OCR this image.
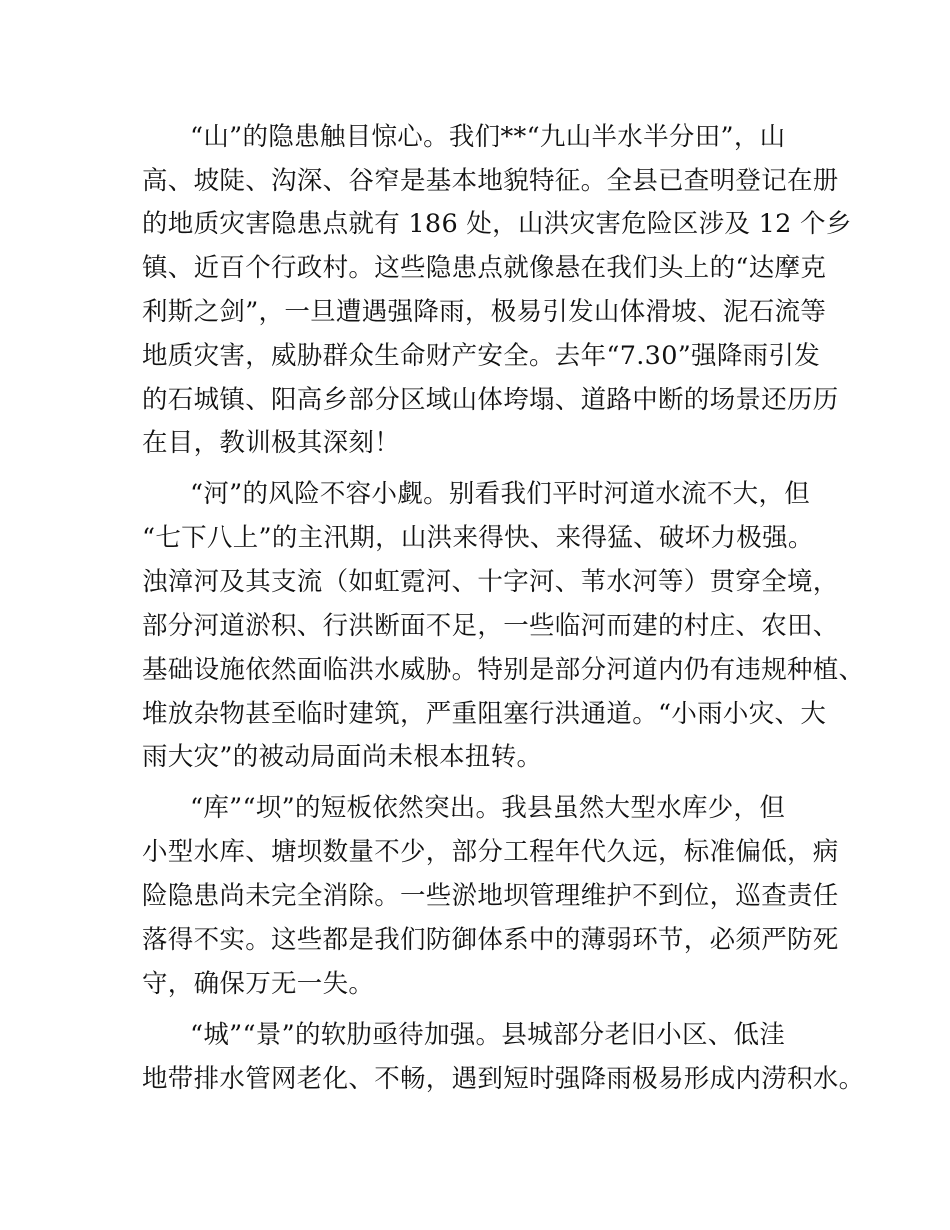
“山”的隐患触目惊心。我们**“九山半水半分田”，山
高、坡陡、沟深、谷窄是基本地貌特征。全县已查明登记在册
的地质灾害隐患点就有 186 处，山洪灾害危险区涉及 12 个乡
镇、近百个行政村。这些隐患点就像悬在我们头上的“达摩克
利斯之剑”，一旦遭遇强降雨，极易引发山体滑坡、泥石流等
地质灾害，威胁群众生命财产安全。去年“7.30”强降雨引发
的石城镇、阳高乡部分区域山体垮塌、道路中断的场景还历历
在目，教训极其深刻！
“河”的风险不容小觑。别看我们平时河道水流不大，但
“七下八上”的主汛期，山洪来得快、来得猛、破坏力极强。
浊漳河及其支流（如虹霓河、十字河、苇水河等）贯穿全境，
部分河道淤积、行洪断面不足，一些临河而建的村庄、农田、
基础设施依然面临洪水威胁。特别是部分河道内仍有违规种植、
堆放杂物甚至临时建筑，严重阻塞行洪通道。“小雨小灾、大
雨大灾”的被动局面尚未根本扭转。
“库”“坝”的短板依然突出。我县虽然大型水库少，但
小型水库、塘坝数量不少，部分工程年代久远，标准偏低，病
险隐患尚未完全消除。一些淤地坝管理维护不到位，巡查责任
落得不实。这些都是我们防御体系中的薄弱环节，必须严防死
守，确保万无一失。
“城”“景”的软肋亟待加强。县城部分老旧小区、低洼
地带排水管网老化、不畅，遇到短时强降雨极易形成内涝积水。
